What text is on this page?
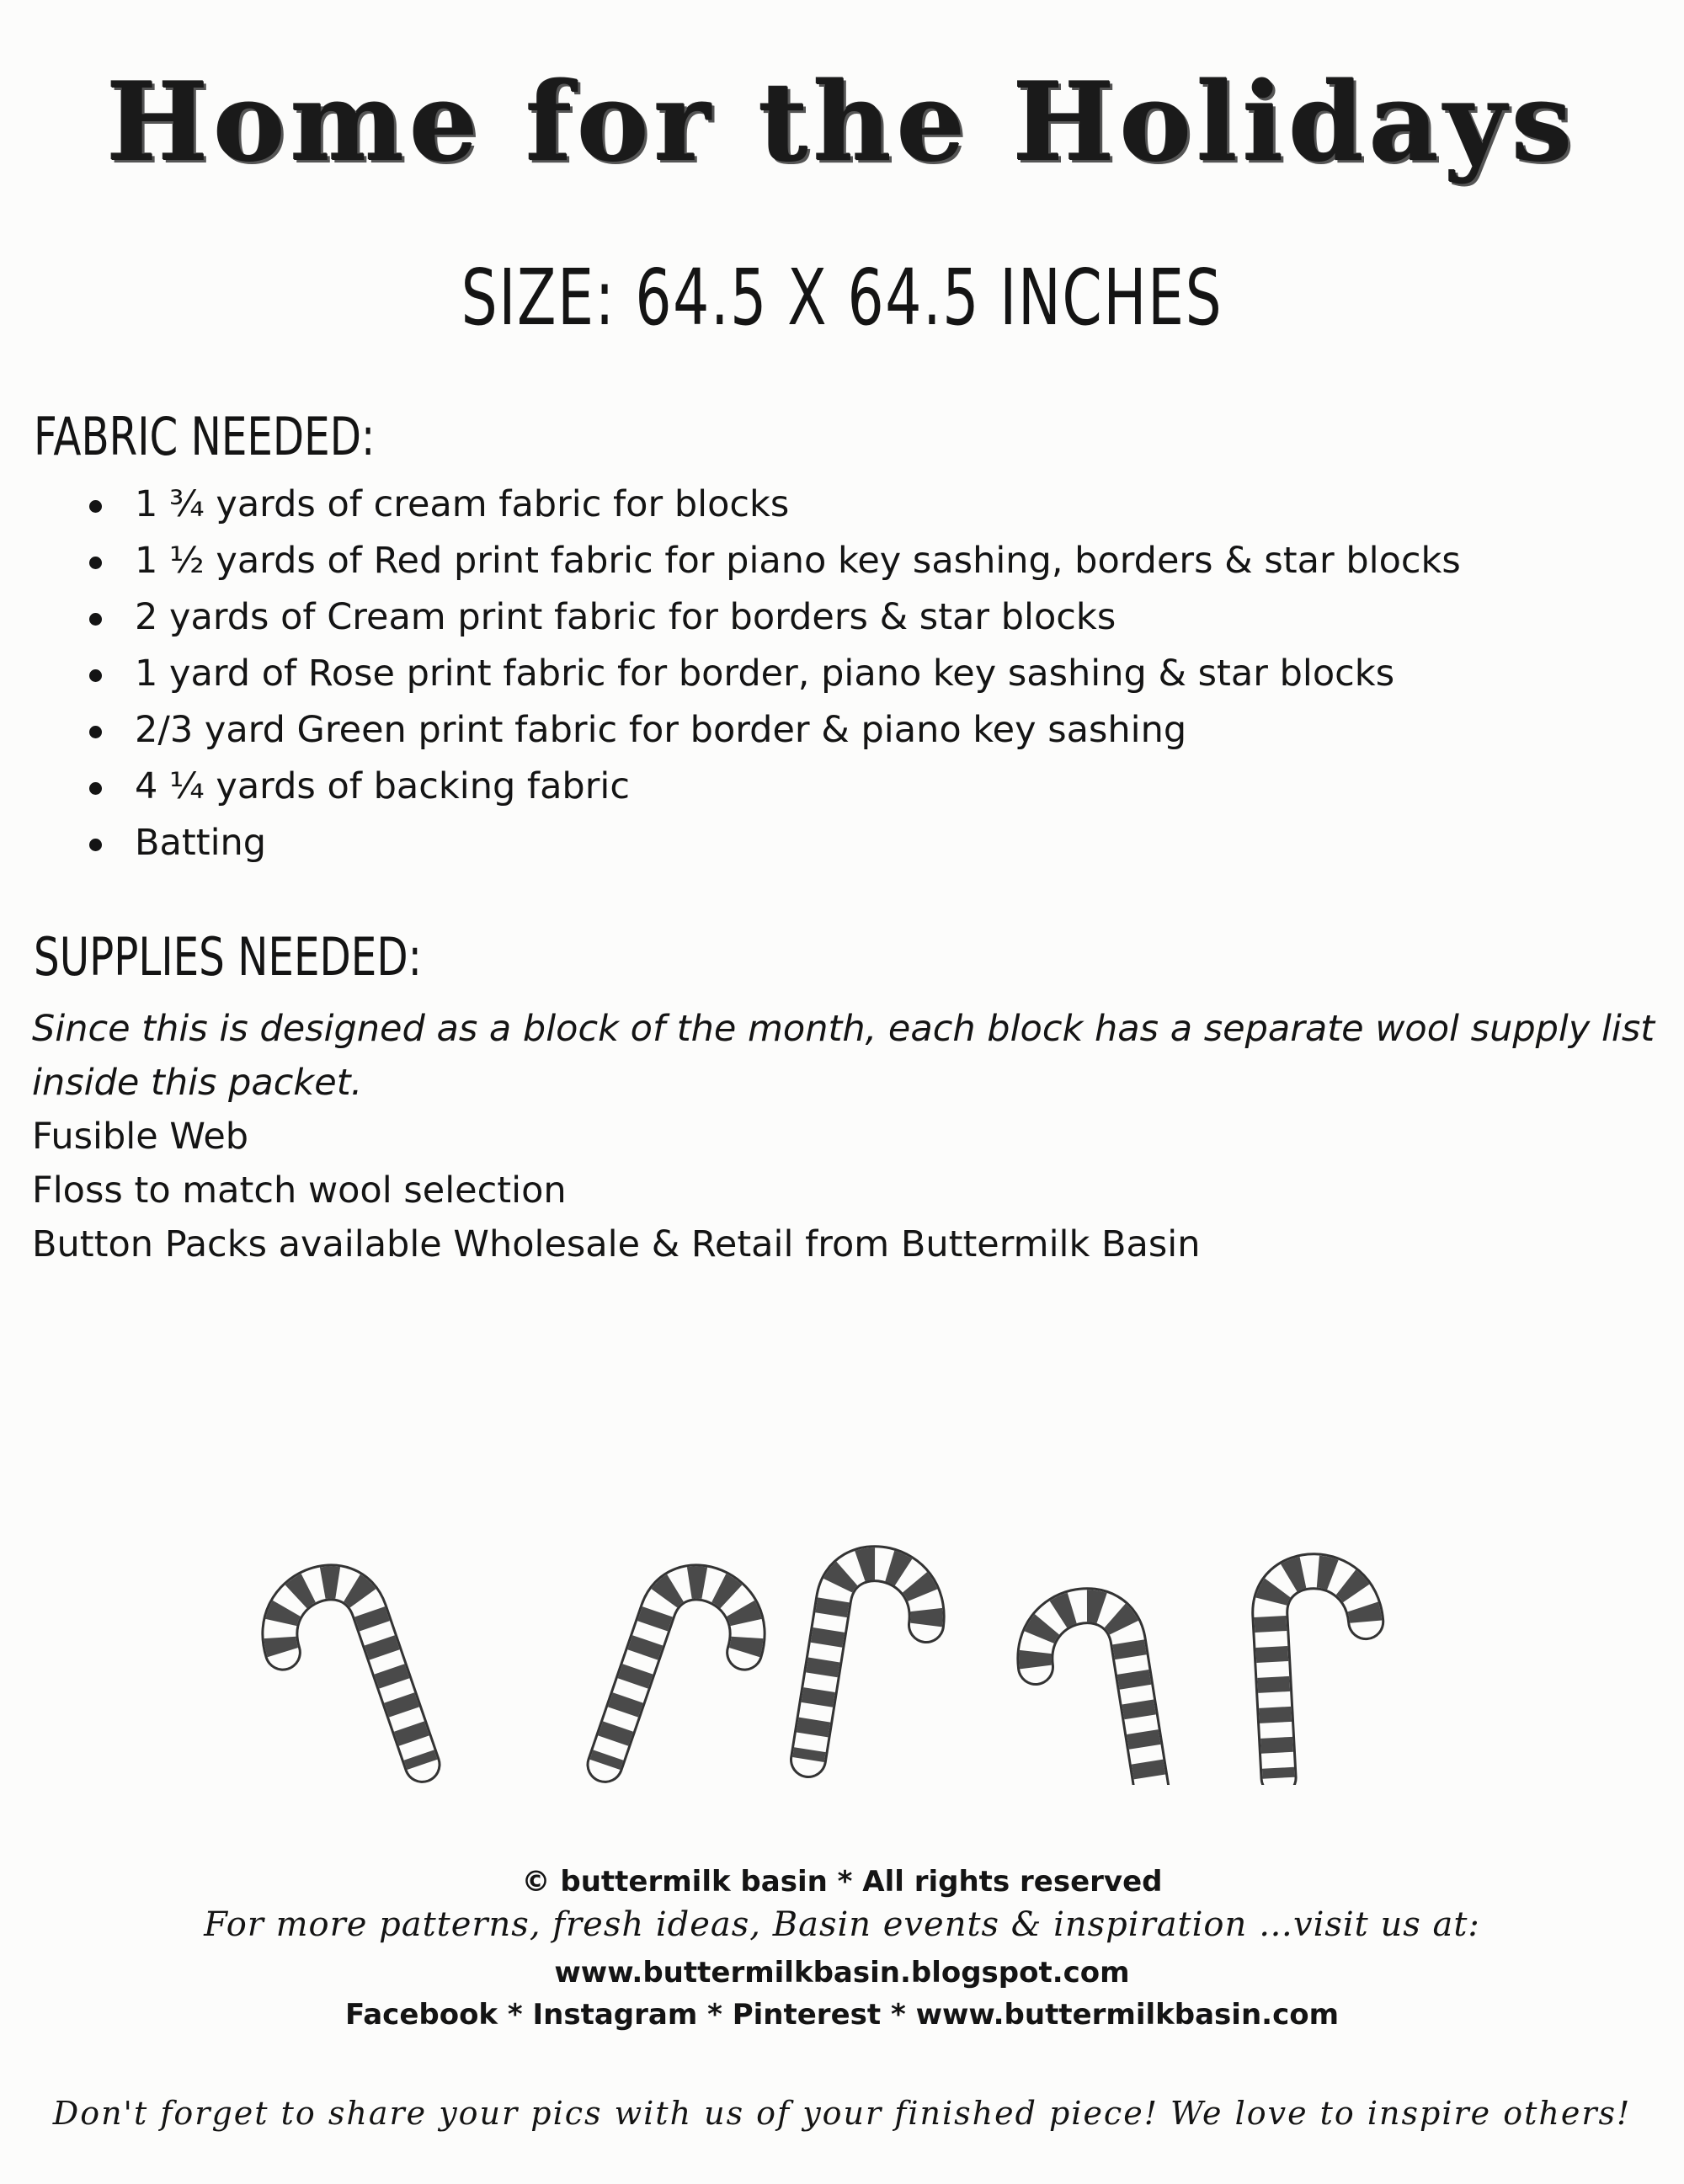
Home for the Holidays
SIZE: 64.5 X 64.5 INCHES
FABRIC NEEDED:
1 ¾ yards of cream fabric for blocks
1 ½ yards of Red print fabric for piano key sashing, borders & star blocks
2 yards of Cream print fabric for borders & star blocks
1 yard of Rose print fabric for border, piano key sashing & star blocks
2/3 yard Green print fabric for border & piano key sashing
4 ¼ yards of backing fabric
Batting
SUPPLIES NEEDED:
Since this is designed as a block of the month, each block has a separate wool supply list
inside this packet.
Fusible Web
Floss to match wool selection
Button Packs available Wholesale & Retail from Buttermilk Basin
© buttermilk basin * All rights reserved
For more patterns, fresh ideas, Basin events & inspiration …visit us at:
www.buttermilkbasin.blogspot.com
Facebook * Instagram * Pinterest * www.buttermilkbasin.com
Don't forget to share your pics with us of your finished piece! We love to inspire others!
